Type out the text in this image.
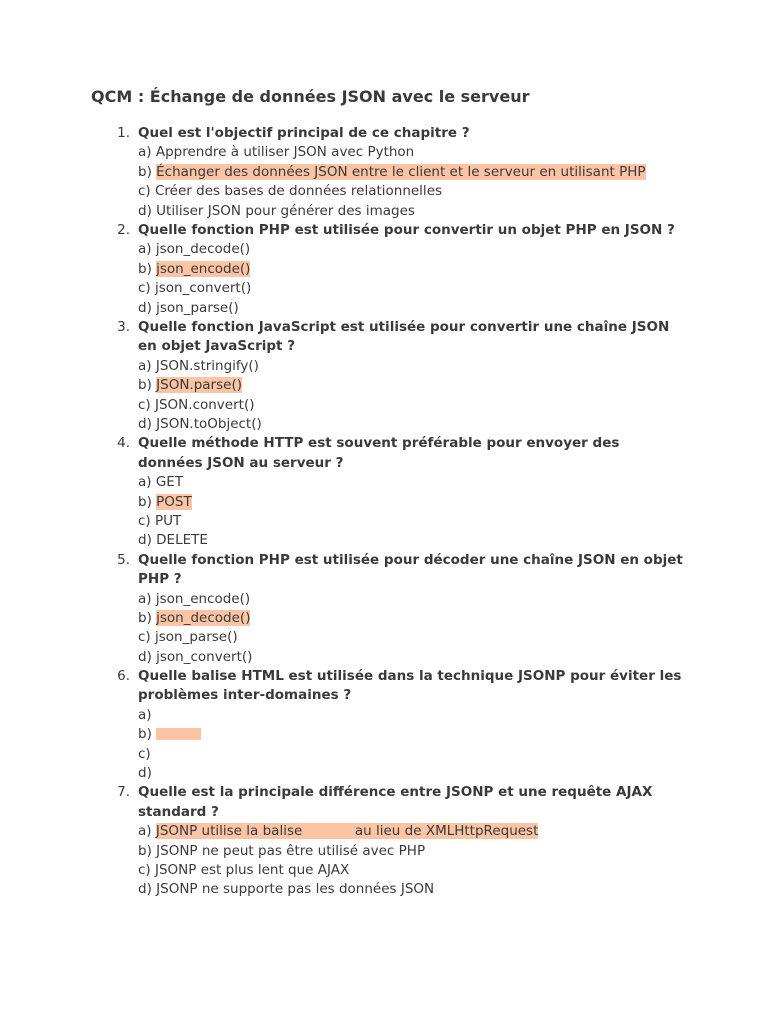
QCM : Échange de données JSON avec le serveur
1. Quel est l'objectif principal de ce chapitre ?
a) Apprendre à utiliser JSON avec Python
b) Échanger des données JSON entre le client et le serveur en utilisant PHP
c) Créer des bases de données relationnelles
d) Utiliser JSON pour générer des images
2. Quelle fonction PHP est utilisée pour convertir un objet PHP en JSON ?
a) json_decode()
b) json_encode()
c) json_convert()
d) json_parse()
3. Quelle fonction JavaScript est utilisée pour convertir une chaîne JSON en objet JavaScript ?
a) JSON.stringify()
b) JSON.parse()
c) JSON.convert()
d) JSON.toObject()
4. Quelle méthode HTTP est souvent préférable pour envoyer des données JSON au serveur ?
a) GET
b) POST
c) PUT
d) DELETE
5. Quelle fonction PHP est utilisée pour décoder une chaîne JSON en objet PHP ?
a) json_encode()
b) json_decode()
c) json_parse()
d) json_convert()
6. Quelle balise HTML est utilisée dans la technique JSONP pour éviter les problèmes inter-domaines ?
a)
b)
c)
d)
7. Quelle est la principale différence entre JSONP et une requête AJAX standard ?
a) JSONP utilise la balise	au lieu de XMLHttpRequest
b) JSONP ne peut pas être utilisé avec PHP
c) JSONP est plus lent que AJAX
d) JSONP ne supporte pas les données JSON
